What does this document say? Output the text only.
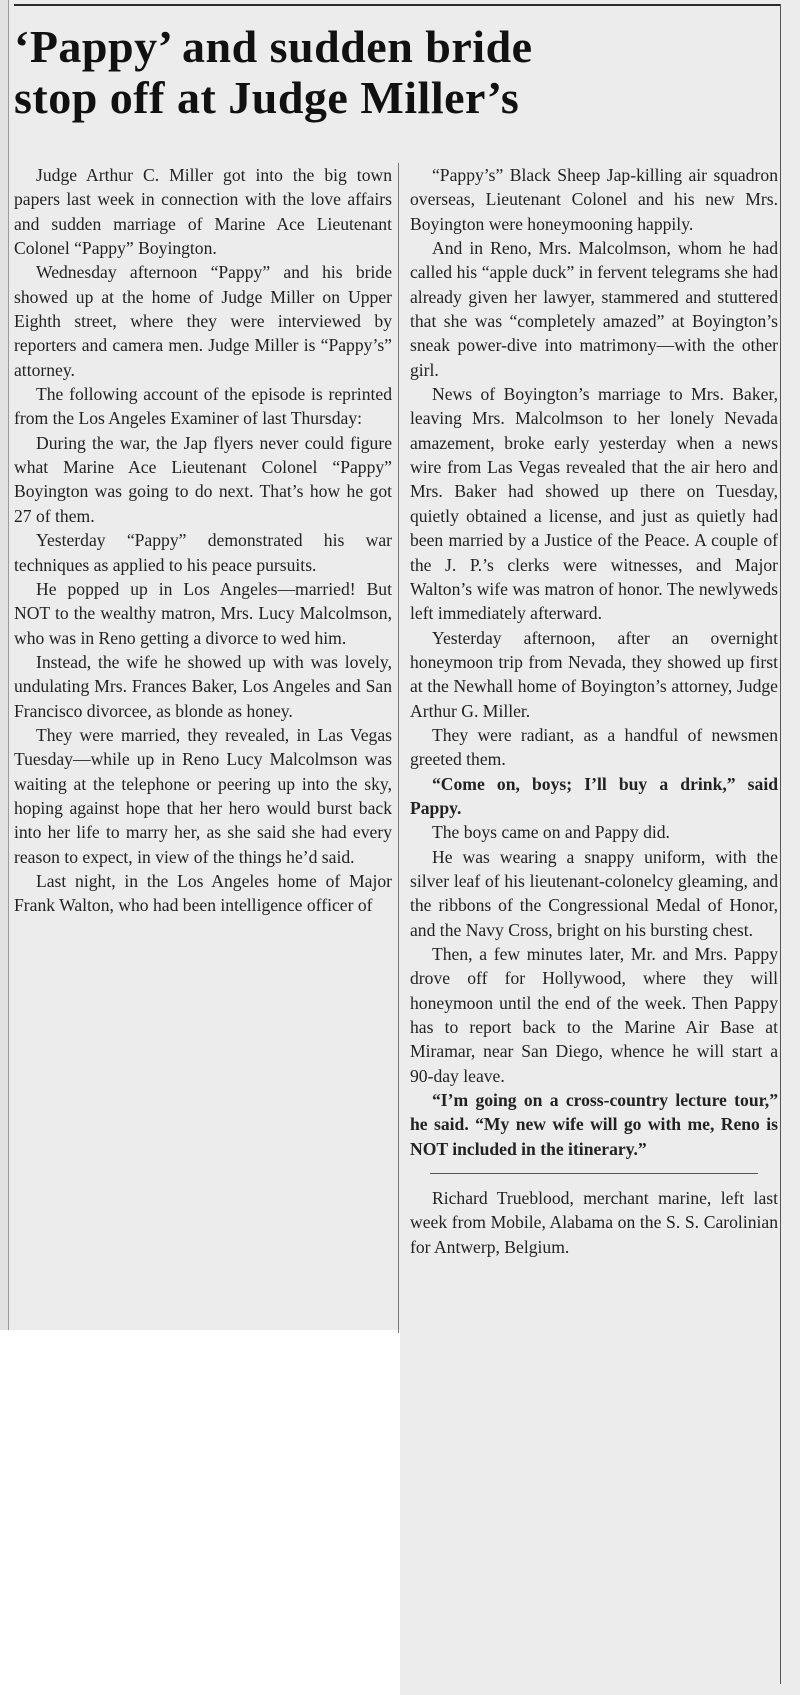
‘Pappy’ and sudden bride
stop off at Judge Miller’s

Judge Arthur C. Miller got into the big town papers last week in connection with the love affairs and sudden marriage of Marine Ace Lieutenant Colonel “Pappy” Boyington.

Wednesday afternoon “Pappy” and his bride showed up at the home of Judge Miller on Upper Eighth street, where they were interviewed by reporters and camera men. Judge Miller is “Pappy’s” attorney.

The following account of the episode is reprinted from the Los Angeles Examiner of last Thursday:

During the war, the Jap flyers never could figure what Marine Ace Lieutenant Colonel “Pappy” Boyington was going to do next. That’s how he got 27 of them.

Yesterday “Pappy” demonstrated his war techniques as applied to his peace pursuits.

He popped up in Los Angeles—married! But NOT to the wealthy matron, Mrs. Lucy Malcolmson, who was in Reno getting a divorce to wed him.

Instead, the wife he showed up with was lovely, undulating Mrs. Frances Baker, Los Angeles and San Francisco divorcee, as blonde as honey.

They were married, they revealed, in Las Vegas Tuesday—while up in Reno Lucy Malcolmson was waiting at the telephone or peering up into the sky, hoping against hope that her hero would burst back into her life to marry her, as she said she had every reason to expect, in view of the things he’d said.

Last night, in the Los Angeles home of Major Frank Walton, who had been intelligence officer of

“Pappy’s” Black Sheep Jap-killing air squadron overseas, Lieutenant Colonel and his new Mrs. Boyington were honeymooning happily.

And in Reno, Mrs. Malcolmson, whom he had called his “apple duck” in fervent telegrams she had already given her lawyer, stammered and stuttered that she was “completely amazed” at Boyington’s sneak power-dive into matrimony—with the other girl.

News of Boyington’s marriage to Mrs. Baker, leaving Mrs. Malcolmson to her lonely Nevada amazement, broke early yesterday when a news wire from Las Vegas revealed that the air hero and Mrs. Baker had showed up there on Tuesday, quietly obtained a license, and just as quietly had been married by a Justice of the Peace. A couple of the J. P.’s clerks were witnesses, and Major Walton’s wife was matron of honor. The newlyweds left immediately afterward.

Yesterday afternoon, after an overnight honeymoon trip from Nevada, they showed up first at the Newhall home of Boyington’s attorney, Judge Arthur G. Miller.

They were radiant, as a handful of newsmen greeted them.

“Come on, boys; I’ll buy a drink,” said Pappy.

The boys came on and Pappy did.

He was wearing a snappy uniform, with the silver leaf of his lieutenant-colonelcy gleaming, and the ribbons of the Congressional Medal of Honor, and the Navy Cross, bright on his bursting chest.

Then, a few minutes later, Mr. and Mrs. Pappy drove off for Hollywood, where they will honeymoon until the end of the week. Then Pappy has to report back to the Marine Air Base at Miramar, near San Diego, whence he will start a 90-day leave.

“I’m going on a cross-country lecture tour,” he said. “My new wife will go with me, Reno is NOT included in the itinerary.”

Richard Trueblood, merchant marine, left last week from Mobile, Alabama on the S. S. Carolinian for Antwerp, Belgium.
